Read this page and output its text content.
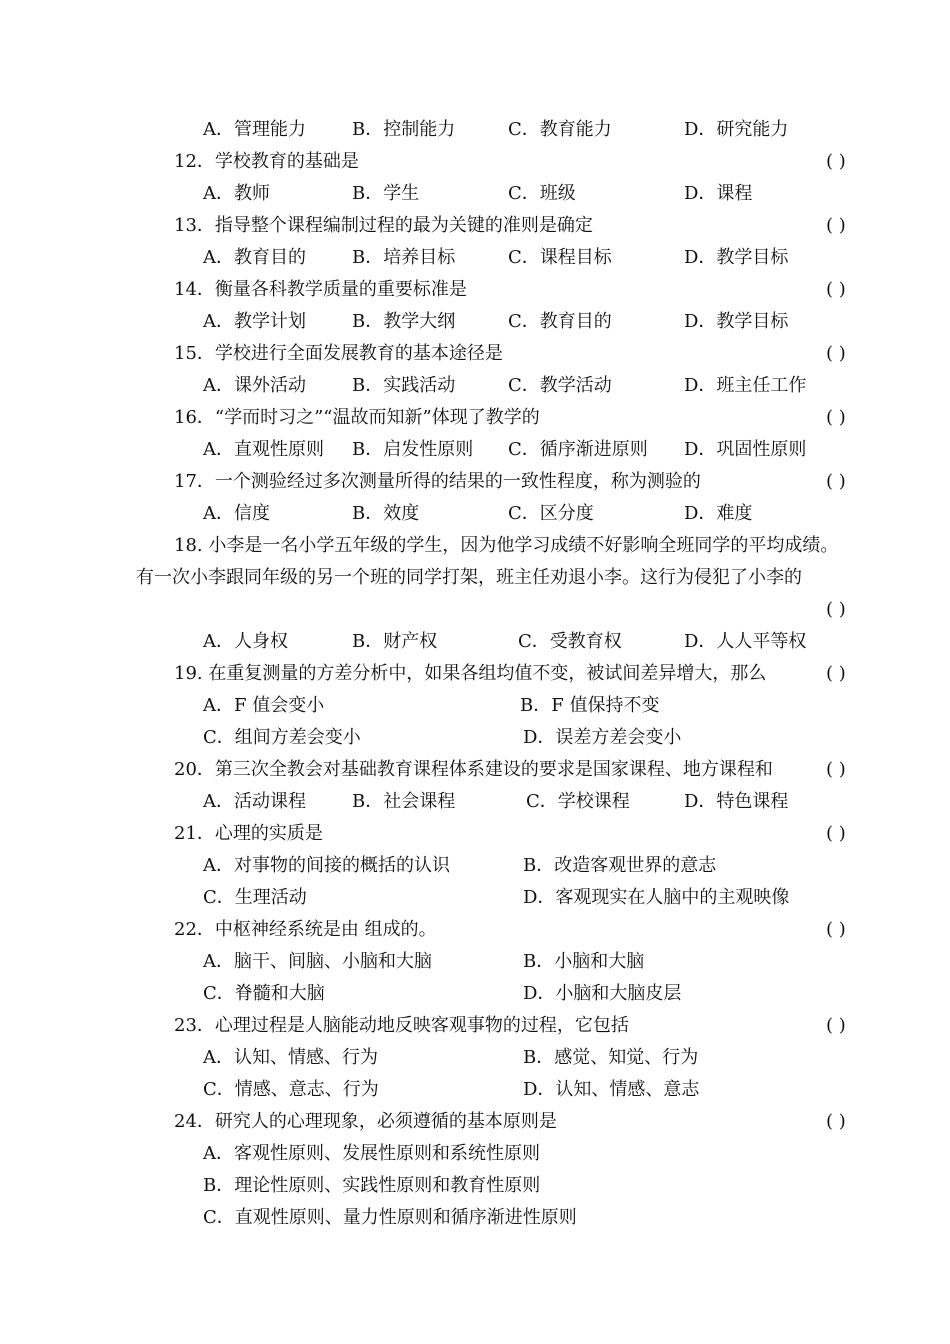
A．管理能力	B．控制能力	C．教育能力	D．研究能力
12．学校教育的基础是	( )
A．教师	B．学生	C．班级	D．课程
13．指导整个课程编制过程的最为关键的准则是确定	( )
A．教育目的	B．培养目标	C．课程目标	D．教学目标
14．衡量各科教学质量的重要标准是	( )
A．教学计划	B．教学大纲	C．教育目的	D．教学目标
15．学校进行全面发展教育的基本途径是	( )
A．课外活动	B．实践活动	C．教学活动	D．班主任工作
16．“学而时习之”“温故而知新”体现了教学的	( )
A．直观性原则 B．启发性原则 C．循序渐进原则 D．巩固性原则
17．一个测验经过多次测量所得的结果的一致性程度，称为测验的	( )
A．信度	B．效度	C．区分度	D．难度
18. 小李是一名小学五年级的学生，因为他学习成绩不好影响全班同学的平均成绩。
有一次小李跟同年级的另一个班的同学打架，班主任劝退小李。这行为侵犯了小李的
( )
A．人身权	B．财产权	C．受教育权	D．人人平等权
19. 在重复测量的方差分析中，如果各组均值不变，被试间差异增大，那么	( )
A．F 值会变小	B．F 值保持不变
C．组间方差会变小	D．误差方差会变小
20．第三次全教会对基础教育课程体系建设的要求是国家课程、地方课程和	( )
A．活动课程	B．社会课程	C．学校课程	D．特色课程
21．心理的实质是	( )
A．对事物的间接的概括的认识	B．改造客观世界的意志
C．生理活动	D．客观现实在人脑中的主观映像
22．中枢神经系统是由 组成的。	( )
A．脑干、间脑、小脑和大脑	B．小脑和大脑
C．脊髓和大脑	D．小脑和大脑皮层
23．心理过程是人脑能动地反映客观事物的过程，它包括	( )
A．认知、情感、行为	B．感觉、知觉、行为
C．情感、意志、行为	D．认知、情感、意志
24．研究人的心理现象，必须遵循的基本原则是	( )
A．客观性原则、发展性原则和系统性原则
B．理论性原则、实践性原则和教育性原则
C．直观性原则、量力性原则和循序渐进性原则
